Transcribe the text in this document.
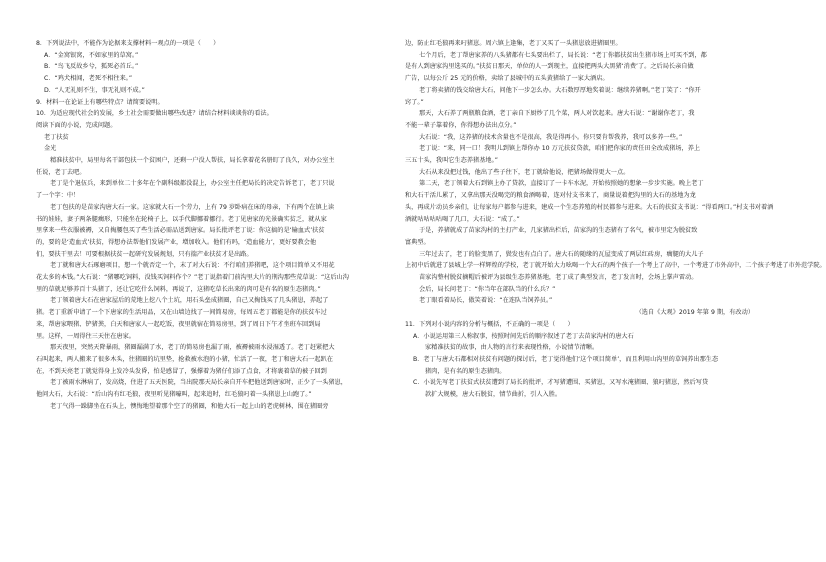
8．下列说法中，不能作为论据来支撑材料一观点的一项是（　　）

A．“金窝银窝，不如家里的草窝。”

B．“鸟飞反故乡兮，狐死必首丘。”

C．“鸡犬相闻，老死不相往来。”

D．“人无礼则不生，事无礼则不成。”

9．材料一在论证上有哪些特点？请简要说明。

10．为适应现代社会的发展，乡土社会需要做出哪些改进？请结合材料谈谈你的看法。

阅读下面的小说，完成问题。

老丁扶贫

金光

精准扶贫中，局里每名干部包扶一个贫困户，还剩一户没人帮扶，局长拿着花名册盯了良久，对办公室主

任说，老丁去吧。

老丁是个退伍兵，来到单位二十多年在个副科级都没混上，办公室主任把局长的决定告诉老丁，老丁只说

了一个字：中！

老丁包扶的是苗家沟唐大石一家。这家就大石一个劳力，上有 79 岁卧病在床的母亲，下有两个在镇上读

书的娃娃，妻子两条腿瘸形，只能坐在轮椅子上，以手代脚挪着挪行。老丁见唐家的光景确实贫乏，就从家

里拿来一些衣服被褥，又自掏腰包买了些生活必需品送到唐家。局长批评老丁说：你这搞的是‘输血式’扶贫

的，要的是‘造血式’扶贫，得想办法帮他们发展产业，增加收入。他们有吗，‘造血能力’，更好要教会他

们，要扶干里去！可要根据扶贫一起研究发展规划，只有揣产业扶贫才是出路。

老丁就和唐大石琢磨项目，想一个就否定一个，末了对大石说：不行咱们养猪吧，这个项目简单又不用花

花太多的本钱。”大石说：“猪哪吃饲料，没钱买饲料作个？”老丁说指着门前沟里大片的荆沟那些荒草说：“这后山沟

里的草就足够养百十头猪了，还让它吃什么饲料，再说了，这猪吃草长出来的肉可是有名的原生态猪肉。”

老丁领着唐大石在唐家屋后的荒地上挖八个土坑，用石头垒成猪圈，自己又掏钱买了几头猪崽，养起了

猪。老丁重新申请了一个下唐家的生活用品，又在山墙边找了一间简易房，每周五老丁都能是你的扶贫车过

来，帮唐家喂猪、铲猪粪，白天和唐家人一起吃饭，夜里就宿在简易房里，到了周日下午才坐班车回到局

里。这样，一周得往三天住在唐家。

那天夜里，突然天降暴雨，猪圈漏满了水，老丁的简易房也漏了雨，被褥被雨水浸湿透了。老丁赶紧把大

石叫起来，两人搬来了很多木头，往猪圈的坑里垫，抢救被水泡的小猪，忙活了一夜，老丁和唐大石一起趴在

在，不到天亮老丁就觉得身上发冷头发昏，怕是感冒了，强撑着为猪仔们添了点食，才将裹着草的被子回到

老丁被雨水淋病了，发高烧，住进了五天医院，当出院那天局长亲自开车把他送到唐家时，正少了一头猪崽，

他问大石，大石说：“后山沟有红毛狼，夜里听见猪嚎叫，起来追时，红毛狼叼着一头猪崽上山跑了。”

老丁气得一跺脚坐在石头上，懊悔地望着那个空了的猪圈，和他大石一起上山的老虎树林，围在猪圈旁

边，防止红毛狼再来叼猪崽。周六镇上逢集，老丁又买了一头猪崽放进猪圈里。

七个月后，老丁帮唐家养的八头猪都有七头要出栏了，局长说：“老丁你都扶贫出生猪市场上可买不到，都

是有人到唐家沟里选买的。”扶贫日那天，单位的人一到现主，直接把两头大黑猪‘消费’了。之后局长亲自做

广告，以每公斤 25 元的价格，卖给了县城中的五头黄猪给了一家大酒店。

老丁将卖猪的钱交给唐大石，问他下一步怎么办。大石数厚厚地奖着说：继续养猪啊。”老丁笑了：“你开

窍了。”

那天，大石养了两瓶粮食酒，老丁亲自下厨炒了几个菜，两人对饮起来。唐大石说：“谢谢你老丁，我

不能一辈子靠着你，你得想办法出点分。”

大石说：“我，这养猪的技术含量也不是很高，我是得再小。你只要肯帮我养，我可以多养一些。”

老丁说：“来，同一口！我明儿到镇上帮你办 10 万元扶贫贷款，咱们把你家的责任田全改成猪场，养上

三五十头，我叫它生态养猪基地。”

大石从来没把过钱，他出了些子往下，老丁就给他说，把猪场做得更大一点。

第二天，老丁领着大石到镇上办了贷款，直接订了一卡车水泥，开始按照她的想象一步步实施。晚上老丁

和大石干活儿累了，又拿出那天没喝完的粮食酒喝着，连对付支书来了，商量说着把沟里的大石的基地为龙

头，再成片动员乡亲们，让每家每户都参与进来，建成一个生态养殖的村民都参与进来。大石的扶贫支书说：“得看两口。”村支书对着酒

酒就咕咕咕咕喝了几口，大石说：“成了。”

于是，养猪就成了苗家沟村的主打产业，几家猪出栏后，苗家沟的生态猪有了名气，被市里定为脱贫致

富典型。

三年过去了，老丁的脸变黑了，鬓发也有点白了。唐大石的随缘的瓦屋变成了两层红砖房，瘸腿的大儿子

上初中后就进了县城上学一样辉煌的学校，老丁就开始大力吆喝一个大石的两个孩子一个考上了高中，一个考进了市外高中，二个孩子考进了市外范学院。

苗家沟整村脱贫摘帽后被评为县级生态养猪基地，老丁成了典型发言，老丁发言时，会场上掌声雷动。

会后，局长问老丁：“你当年在部队当的什么兵？”

老丁眼看着局长，傲笑着说：“在连队当饲养员。”

（选自《大观》2019 年第 9 期，有改动）

11．下列对小说内容的分析与概括，不正确的一项是（　　）

A．小说运用第三人称叙事，按照时间先后的顺序叙述了老丁去苗家沟村的唐大石

家精准扶贫的故事，由人物的言行来表现性格，小说情节清晰。

B．老丁与唐大石都相对扶贫有问题的探讨后，老丁觉得他们‘这个项目简单’，而且利用山沟里的草饲养出那生态

猪肉，是有名的原生态猪肉。

C．小说先写老丁扶贫式扶贫遭到了局长的批评，才写猪遭围、买猪崽，又写水淹猪圈、狼叼猪崽，然后写贷

款扩大规模，唐大石脱贫，情节曲折，引人入胜。
